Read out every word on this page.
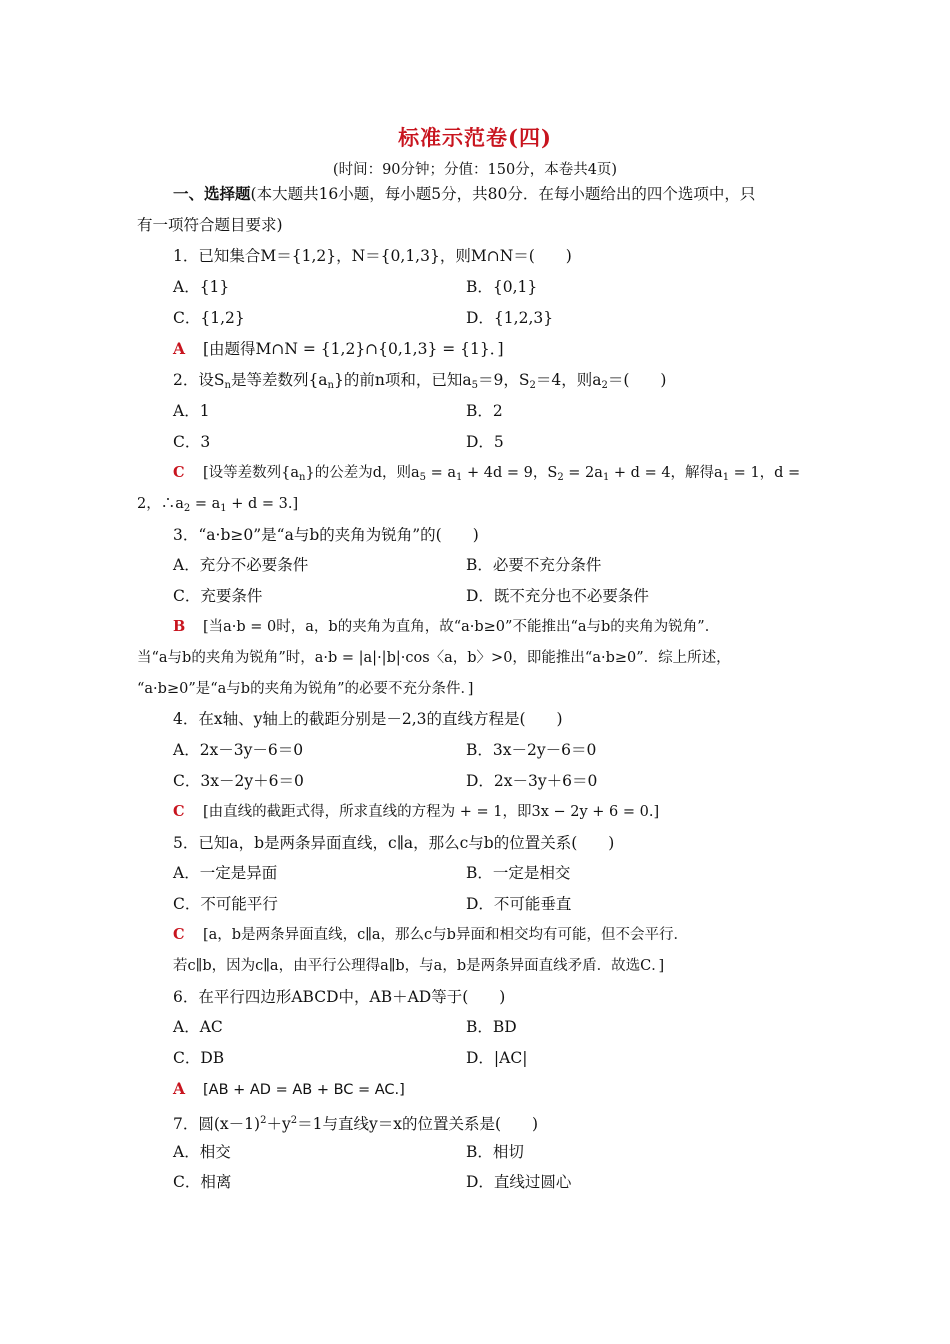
标准示范卷(四)
(时间：90分钟；分值：150分，本卷共4页)
一、选择题(本大题共16小题，每小题5分，共80分．在每小题给出的四个选项中，只
有一项符合题目要求)
1．已知集合M＝{1,2}，N＝{0,1,3}，则M∩N＝(　　)
A．{1}	B．{0,1}
C．{1,2}	D．{1,2,3}
A [由题得M∩N = {1,2}∩{0,1,3} = {1}．]
2．设$S_n$是等差数列$\{a_n\}$的前n项和，已知$a_5=9$，$S_2=4$，则$a_2=$(　　)
A．1	B．2
C．3	D．5
C [设等差数列$\{a_n\}$的公差为d，则$a_5 = a_1 + 4d = 9$，$S_2 = 2a_1 + d = 4$，解得$a_1 = 1$，d =
2，$\therefore a_2 = a_1 + d = 3$.]
3．“a·b≥0”是“a与b的夹角为锐角”的(　　)
A．充分不必要条件	B．必要不充分条件
C．充要条件	D．既不充分也不必要条件
B [当a·b = 0时，a，b的夹角为直角，故“a·b≥0”不能推出“a与b的夹角为锐角”．
当“a与b的夹角为锐角”时，a·b = |a|·|b|·cos〈a，b〉>0，即能推出“a·b≥0”．综上所述，
“a·b≥0”是“a与b的夹角为锐角”的必要不充分条件．]
4．在x轴、y轴上的截距分别是－2,3的直线方程是(　　)
A．2x－3y－6＝0	B．3x－2y－6＝0
C．3x－2y＋6＝0	D．2x－3y＋6＝0
C [由直线的截距式得，所求直线的方程为 + = 1，即3x − 2y + 6 = 0.]
5．已知a，b是两条异面直线，c∥a，那么c与b的位置关系(　　)
A．一定是异面	B．一定是相交
C．不可能平行	D．不可能垂直
C [a，b是两条异面直线，c∥a，那么c与b异面和相交均有可能，但不会平行．
若c∥b，因为c∥a，由平行公理得a∥b，与a，b是两条异面直线矛盾．故选C．]
6．在平行四边形ABCD中，AB＋AD等于(　　)
A．AC	B．BD
C．DB	D．|AC|
A [AB + AD = AB + BC = AC.]
7．圆$(x-1)^2+y^2=1$与直线y＝x的位置关系是(　　)
A．相交	B．相切
C．相离	D．直线过圆心
